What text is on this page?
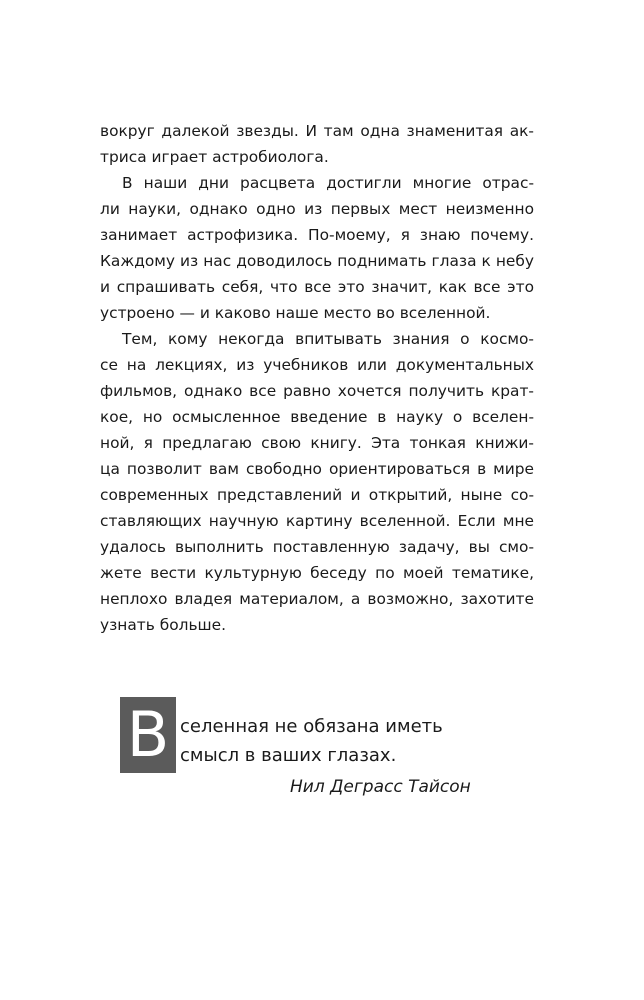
вокруг далекой звезды. И там одна знаменитая ак-
триса играет астробиолога.
В наши дни расцвета достигли многие отрас-
ли науки, однако одно из первых мест неизменно
занимает астрофизика. По-моему, я знаю почему.
Каждому из нас доводилось поднимать глаза к небу
и спрашивать себя, что все это значит, как все это
устроено — и каково наше место во вселенной.
Тем, кому некогда впитывать знания о космо-
се на лекциях, из учебников или документальных
фильмов, однако все равно хочется получить крат-
кое, но осмысленное введение в науку о вселен-
ной, я предлагаю свою книгу. Эта тонкая книжи-
ца позволит вам свободно ориентироваться в мире
современных представлений и открытий, ныне со-
ставляющих научную картину вселенной. Если мне
удалось выполнить поставленную задачу, вы смо-
жете вести культурную беседу по моей тематике,
неплохо владея материалом, а возможно, захотите
узнать больше.
В селенная не обязана иметь
смысл в ваших глазах.
Нил Деграсс Тайсон
